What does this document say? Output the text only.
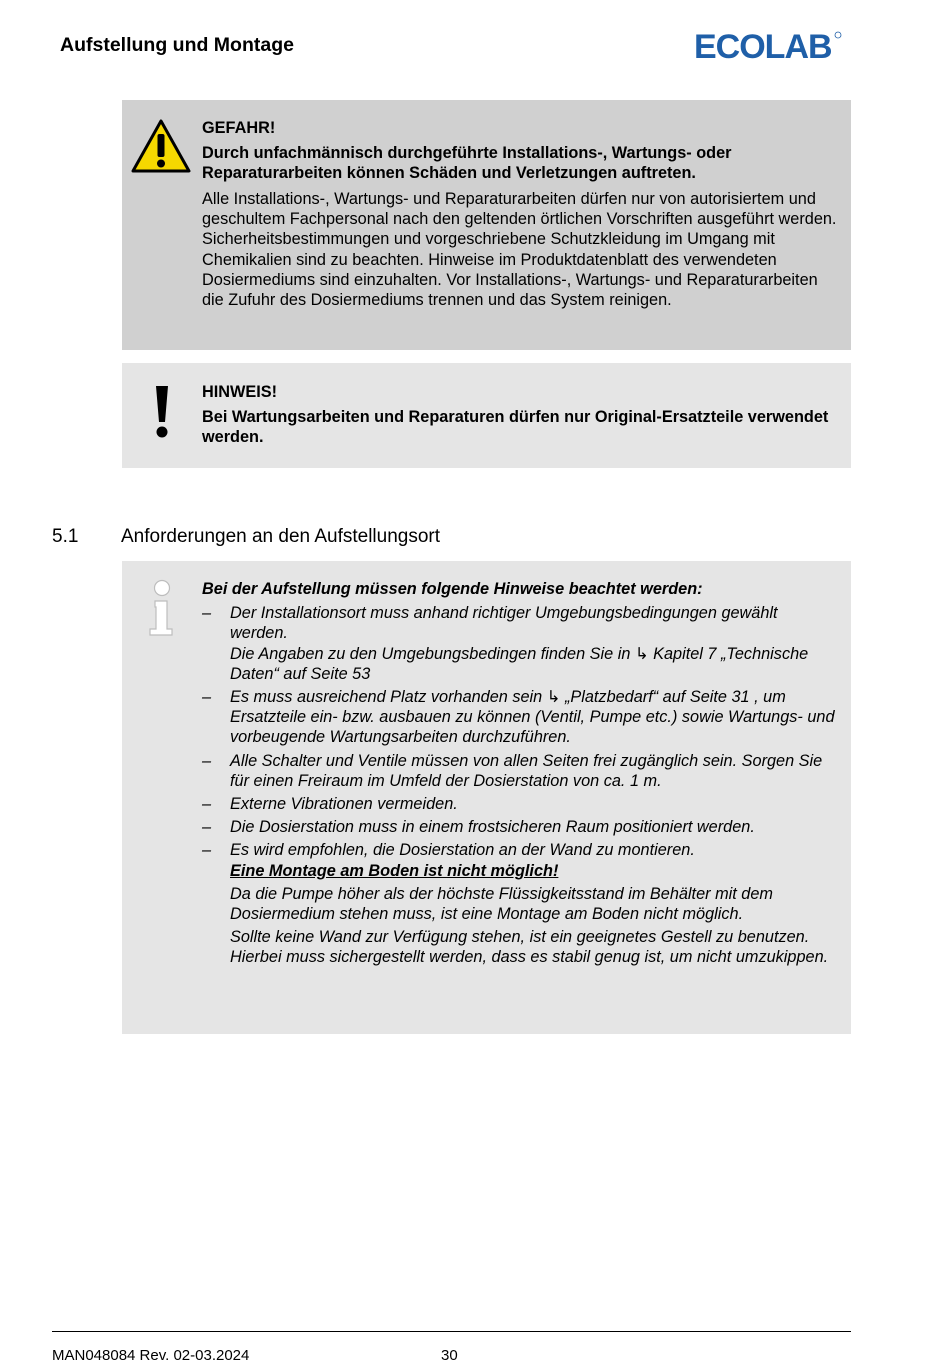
Aufstellung und Montage	ECOLAB
GEFAHR!
Durch unfachmännisch durchgeführte Installations-, Wartungs- oder Reparaturarbeiten können Schäden und Verletzungen auftreten.
Alle Installations-, Wartungs- und Reparaturarbeiten dürfen nur von autorisiertem und geschultem Fachpersonal nach den geltenden örtlichen Vorschriften ausgeführt werden. Sicherheitsbestimmungen und vorgeschriebene Schutzkleidung im Umgang mit Chemikalien sind zu beachten. Hinweise im Produktdatenblatt des verwendeten Dosiermediums sind einzuhalten. Vor Installations-, Wartungs- und Reparaturarbeiten die Zufuhr des Dosiermediums trennen und das System reinigen.
HINWEIS!
Bei Wartungsarbeiten und Reparaturen dürfen nur Original-Ersatzteile verwendet werden.
5.1 Anforderungen an den Aufstellungsort
Bei der Aufstellung müssen folgende Hinweise beachtet werden:
– Der Installationsort muss anhand richtiger Umgebungsbedingungen gewählt werden.
Die Angaben zu den Umgebungsbedingen finden Sie in ↳ Kapitel 7 „Technische Daten“ auf Seite 53
– Es muss ausreichend Platz vorhanden sein ↳ „Platzbedarf“ auf Seite 31 , um Ersatzteile ein- bzw. ausbauen zu können (Ventil, Pumpe etc.) sowie Wartungs- und vorbeugende Wartungsarbeiten durchzuführen.
– Alle Schalter und Ventile müssen von allen Seiten frei zugänglich sein. Sorgen Sie für einen Freiraum im Umfeld der Dosierstation von ca. 1 m.
– Externe Vibrationen vermeiden.
– Die Dosierstation muss in einem frostsicheren Raum positioniert werden.
– Es wird empfohlen, die Dosierstation an der Wand zu montieren.
Eine Montage am Boden ist nicht möglich!
Da die Pumpe höher als der höchste Flüssigkeitsstand im Behälter mit dem Dosiermedium stehen muss, ist eine Montage am Boden nicht möglich.
Sollte keine Wand zur Verfügung stehen, ist ein geeignetes Gestell zu benutzen. Hierbei muss sichergestellt werden, dass es stabil genug ist, um nicht umzukippen.
MAN048084 Rev. 02-03.2024	30
